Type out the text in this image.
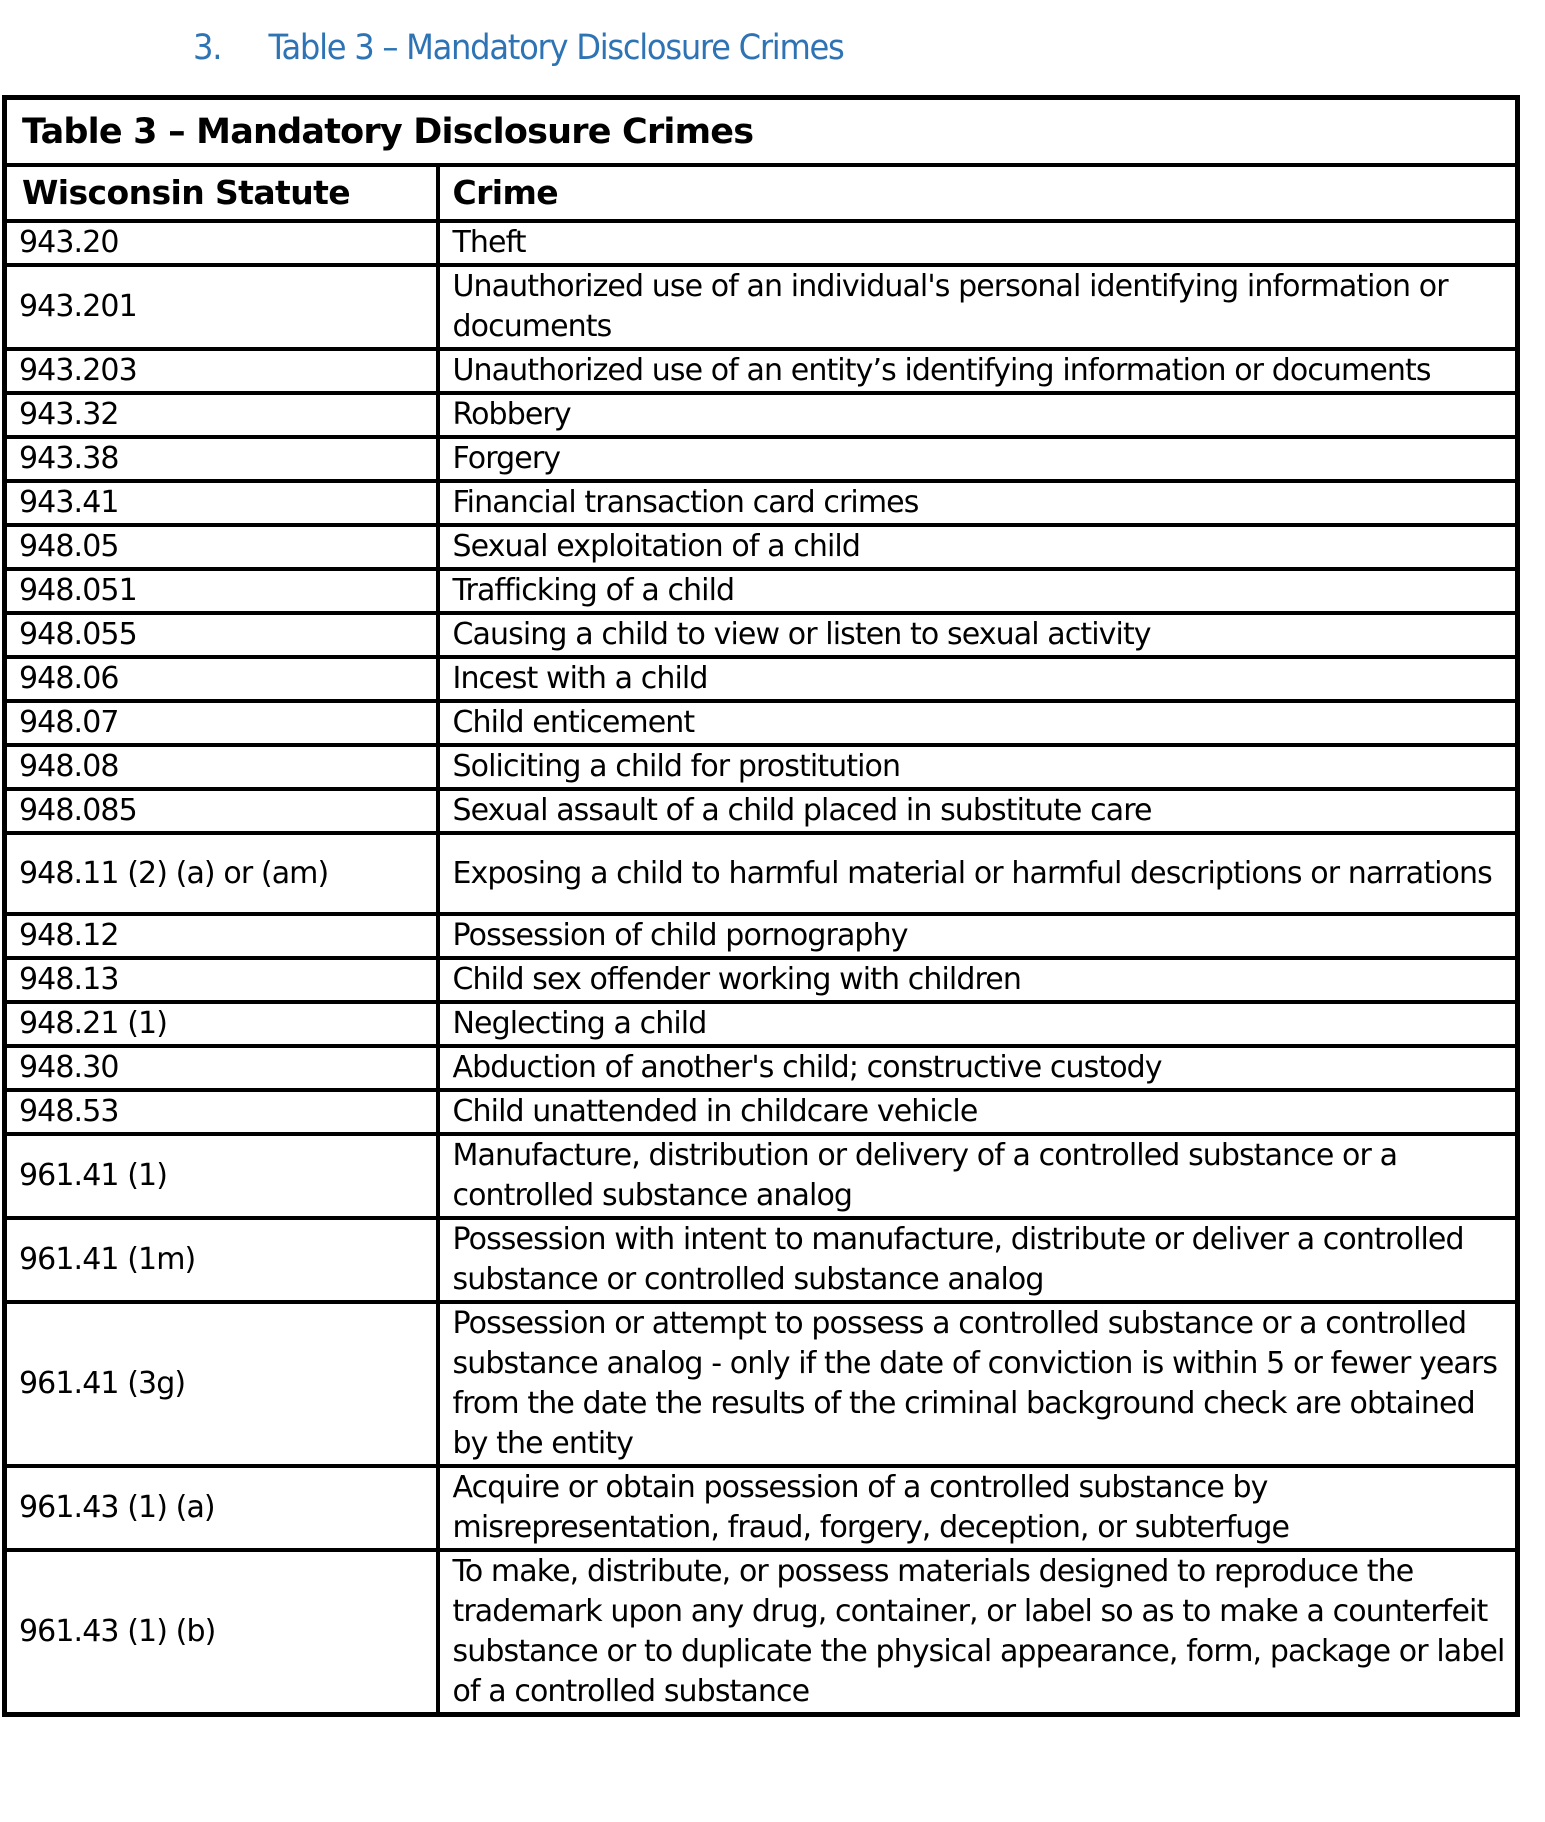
3. Table 3 – Mandatory Disclosure Crimes
Table 3 – Mandatory Disclosure Crimes	
Wisconsin Statute	Crime
943.20	Theft
943.201	Unauthorized use of an individual's personal identifying information or documents
943.203	Unauthorized use of an entity’s identifying information or documents
943.32	Robbery
943.38	Forgery
943.41	Financial transaction card crimes
948.05	Sexual exploitation of a child
948.051	Trafficking of a child
948.055	Causing a child to view or listen to sexual activity
948.06	Incest with a child
948.07	Child enticement
948.08	Soliciting a child for prostitution
948.085	Sexual assault of a child placed in substitute care
948.11 (2) (a) or (am)	Exposing a child to harmful material or harmful descriptions or narrations
948.12	Possession of child pornography
948.13	Child sex offender working with children
948.21 (1)	Neglecting a child
948.30	Abduction of another's child; constructive custody
948.53	Child unattended in childcare vehicle
961.41 (1)	Manufacture, distribution or delivery of a controlled substance or a controlled substance analog
961.41 (1m)	Possession with intent to manufacture, distribute or deliver a controlled substance or controlled substance analog
961.41 (3g)	Possession or attempt to possess a controlled substance or a controlled substance analog - only if the date of conviction is within 5 or fewer years from the date the results of the criminal background check are obtained by the entity
961.43 (1) (a)	Acquire or obtain possession of a controlled substance by misrepresentation, fraud, forgery, deception, or subterfuge
961.43 (1) (b)	To make, distribute, or possess materials designed to reproduce the trademark upon any drug, container, or label so as to make a counterfeit substance or to duplicate the physical appearance, form, package or label of a controlled substance
